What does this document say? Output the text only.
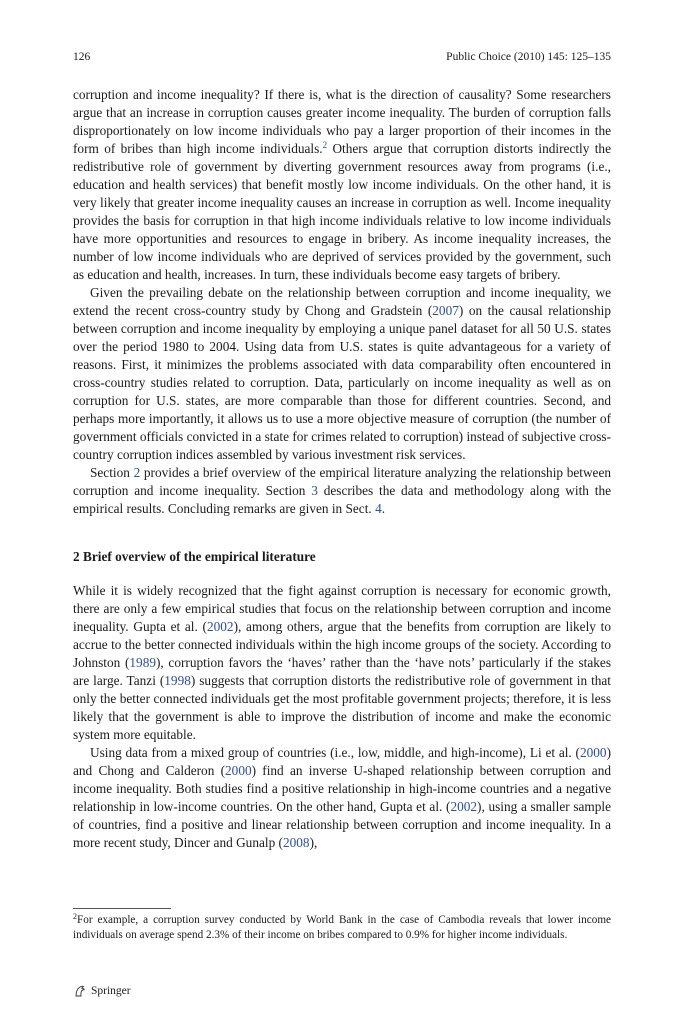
126	Public Choice (2010) 145: 125–135

corruption and income inequality? If there is, what is the direction of causality? Some researchers argue that an increase in corruption causes greater income inequality. The burden of corruption falls disproportionately on low income individuals who pay a larger proportion of their incomes in the form of bribes than high income individuals.$^2$ Others argue that corruption distorts indirectly the redistributive role of government by diverting government resources away from programs (i.e., education and health services) that benefit mostly low income individuals. On the other hand, it is very likely that greater income inequality causes an increase in corruption as well. Income inequality provides the basis for corruption in that high income individuals relative to low income individuals have more opportunities and resources to engage in bribery. As income inequality increases, the number of low income individuals who are deprived of services provided by the government, such as education and health, increases. In turn, these individuals become easy targets of bribery.

Given the prevailing debate on the relationship between corruption and income inequality, we extend the recent cross-country study by Chong and Gradstein (2007) on the causal relationship between corruption and income inequality by employing a unique panel dataset for all 50 U.S. states over the period 1980 to 2004. Using data from U.S. states is quite advantageous for a variety of reasons. First, it minimizes the problems associated with data comparability often encountered in cross-country studies related to corruption. Data, particularly on income inequality as well as on corruption for U.S. states, are more comparable than those for different countries. Second, and perhaps more importantly, it allows us to use a more objective measure of corruption (the number of government officials convicted in a state for crimes related to corruption) instead of subjective cross-country corruption indices assembled by various investment risk services.

Section 2 provides a brief overview of the empirical literature analyzing the relationship between corruption and income inequality. Section 3 describes the data and methodology along with the empirical results. Concluding remarks are given in Sect. 4.

2 Brief overview of the empirical literature

While it is widely recognized that the fight against corruption is necessary for economic growth, there are only a few empirical studies that focus on the relationship between corruption and income inequality. Gupta et al. (2002), among others, argue that the benefits from corruption are likely to accrue to the better connected individuals within the high income groups of the society. According to Johnston (1989), corruption favors the ‘haves’ rather than the ‘have nots’ particularly if the stakes are large. Tanzi (1998) suggests that corruption distorts the redistributive role of government in that only the better connected individuals get the most profitable government projects; therefore, it is less likely that the government is able to improve the distribution of income and make the economic system more equitable.

Using data from a mixed group of countries (i.e., low, middle, and high-income), Li et al. (2000) and Chong and Calderon (2000) find an inverse U-shaped relationship between corruption and income inequality. Both studies find a positive relationship in high-income countries and a negative relationship in low-income countries. On the other hand, Gupta et al. (2002), using a smaller sample of countries, find a positive and linear relationship between corruption and income inequality. In a more recent study, Dincer and Gunalp (2008),

$^2$For example, a corruption survey conducted by World Bank in the case of Cambodia reveals that lower income individuals on average spend 2.3% of their income on bribes compared to 0.9% for higher income individuals.
Springer
